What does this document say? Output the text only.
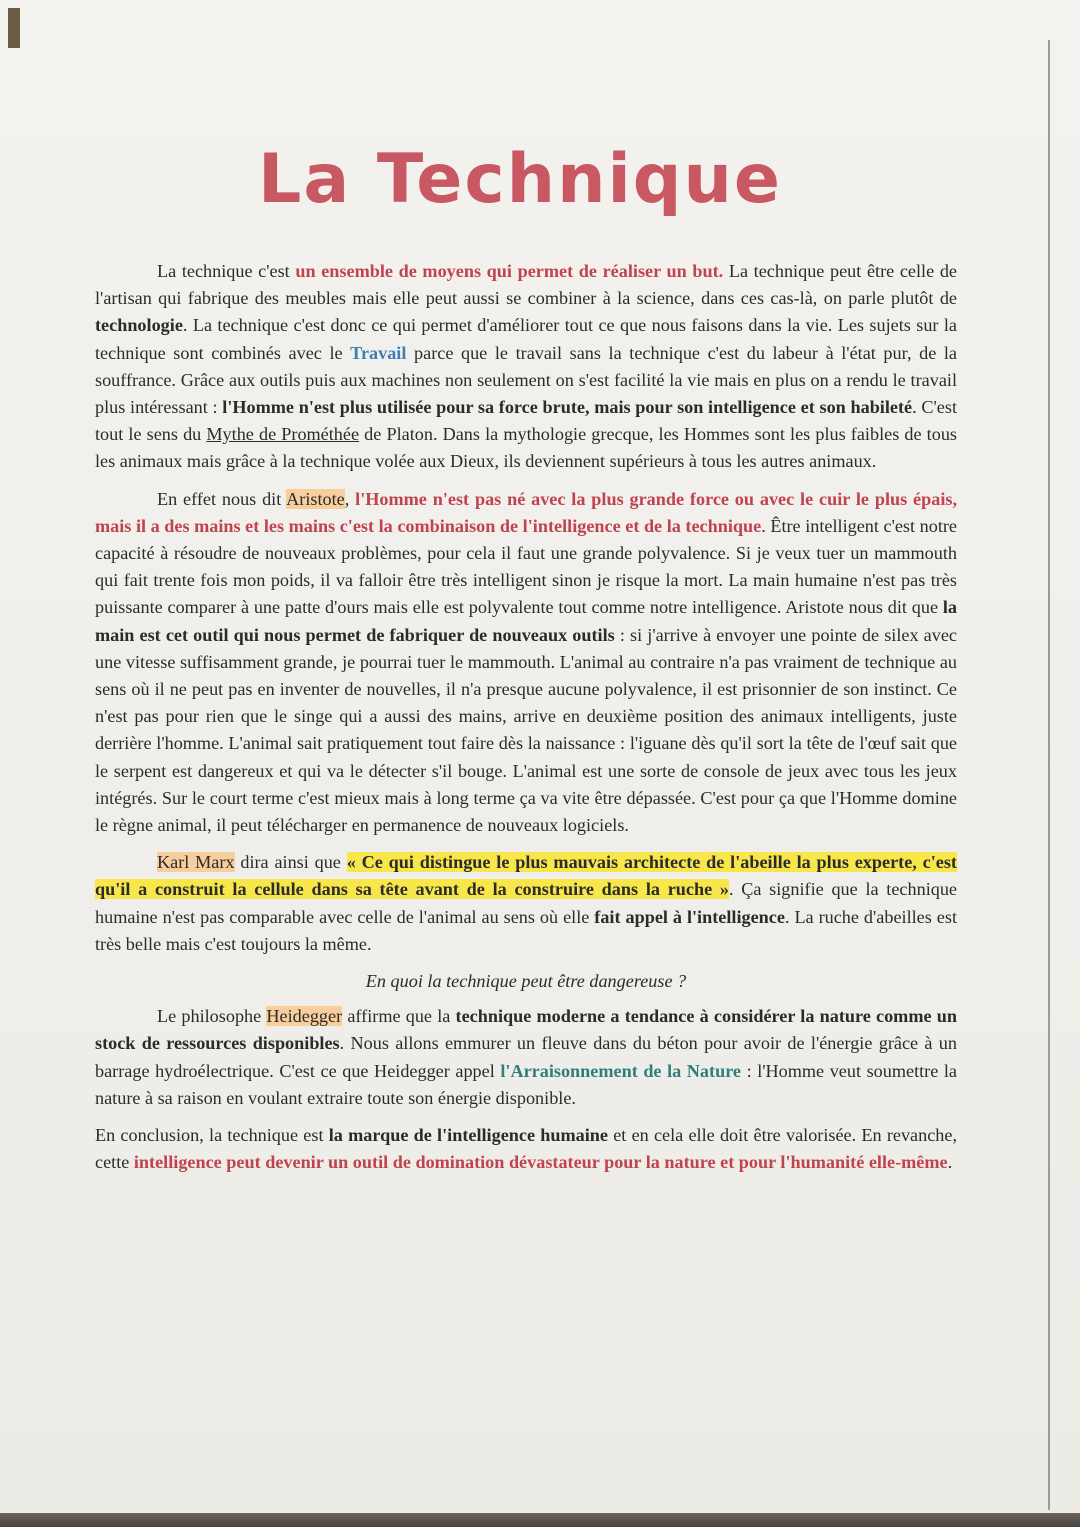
La Technique

La technique c'est un ensemble de moyens qui permet de réaliser un but. La technique peut être celle de l'artisan qui fabrique des meubles mais elle peut aussi se combiner à la science, dans ces cas-là, on parle plutôt de technologie. La technique c'est donc ce qui permet d'améliorer tout ce que nous faisons dans la vie. Les sujets sur la technique sont combinés avec le Travail parce que le travail sans la technique c'est du labeur à l'état pur, de la souffrance. Grâce aux outils puis aux machines non seulement on s'est facilité la vie mais en plus on a rendu le travail plus intéressant : l'Homme n'est plus utilisée pour sa force brute, mais pour son intelligence et son habileté. C'est tout le sens du Mythe de Prométhée de Platon. Dans la mythologie grecque, les Hommes sont les plus faibles de tous les animaux mais grâce à la technique volée aux Dieux, ils deviennent supérieurs à tous les autres animaux.

En effet nous dit Aristote, l'Homme n'est pas né avec la plus grande force ou avec le cuir le plus épais, mais il a des mains et les mains c'est la combinaison de l'intelligence et de la technique. Être intelligent c'est notre capacité à résoudre de nouveaux problèmes, pour cela il faut une grande polyvalence. Si je veux tuer un mammouth qui fait trente fois mon poids, il va falloir être très intelligent sinon je risque la mort. La main humaine n'est pas très puissante comparer à une patte d'ours mais elle est polyvalente tout comme notre intelligence. Aristote nous dit que la main est cet outil qui nous permet de fabriquer de nouveaux outils : si j'arrive à envoyer une pointe de silex avec une vitesse suffisamment grande, je pourrai tuer le mammouth. L'animal au contraire n'a pas vraiment de technique au sens où il ne peut pas en inventer de nouvelles, il n'a presque aucune polyvalence, il est prisonnier de son instinct. Ce n'est pas pour rien que le singe qui a aussi des mains, arrive en deuxième position des animaux intelligents, juste derrière l'homme. L'animal sait pratiquement tout faire dès la naissance : l'iguane dès qu'il sort la tête de l'œuf sait que le serpent est dangereux et qui va le détecter s'il bouge. L'animal est une sorte de console de jeux avec tous les jeux intégrés. Sur le court terme c'est mieux mais à long terme ça va vite être dépassée. C'est pour ça que l'Homme domine le règne animal, il peut télécharger en permanence de nouveaux logiciels.

Karl Marx dira ainsi que « Ce qui distingue le plus mauvais architecte de l'abeille la plus experte, c'est qu'il a construit la cellule dans sa tête avant de la construire dans la ruche ». Ça signifie que la technique humaine n'est pas comparable avec celle de l'animal au sens où elle fait appel à l'intelligence. La ruche d'abeilles est très belle mais c'est toujours la même.

En quoi la technique peut être dangereuse ?

Le philosophe Heidegger affirme que la technique moderne a tendance à considérer la nature comme un stock de ressources disponibles. Nous allons emmurer un fleuve dans du béton pour avoir de l'énergie grâce à un barrage hydroélectrique. C'est ce que Heidegger appel l'Arraisonnement de la Nature : l'Homme veut soumettre la nature à sa raison en voulant extraire toute son énergie disponible.

En conclusion, la technique est la marque de l'intelligence humaine et en cela elle doit être valorisée. En revanche, cette intelligence peut devenir un outil de domination dévastateur pour la nature et pour l'humanité elle-même.
